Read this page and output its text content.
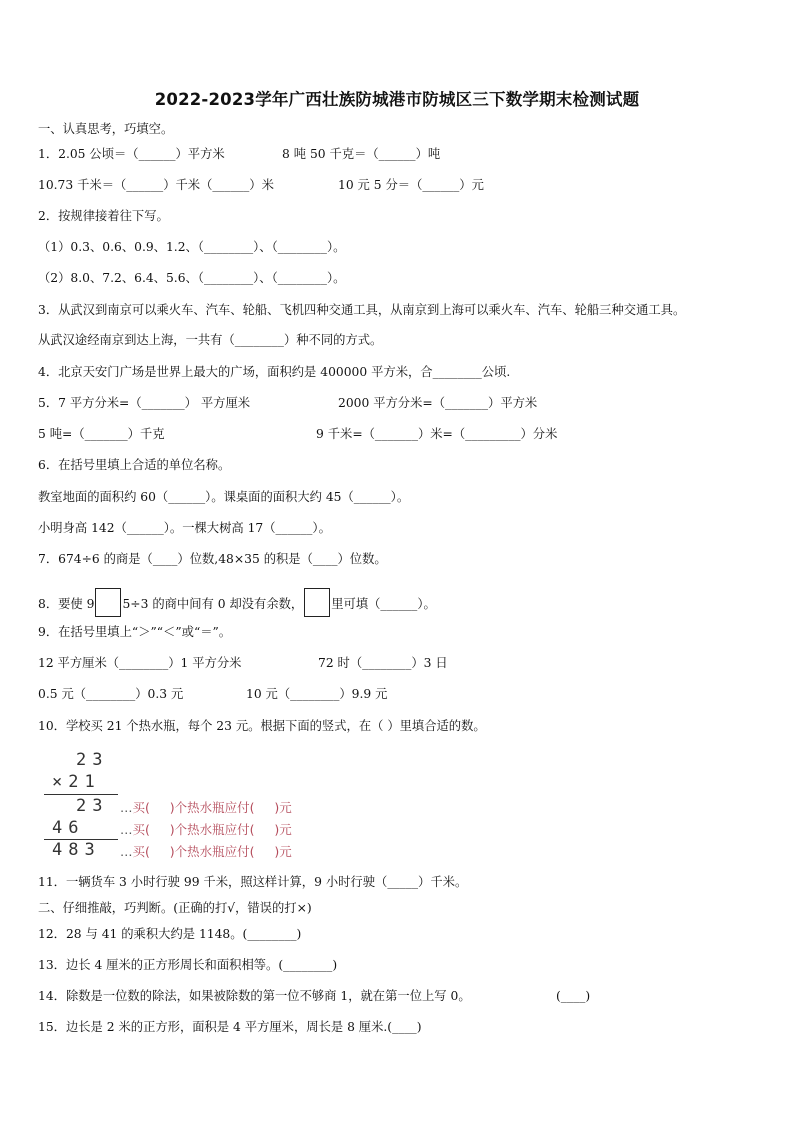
2022-2023学年广西壮族防城港市防城区三下数学期末检测试题
一、认真思考，巧填空。
1．2.05 公顷＝（______）平方米	8 吨 50 千克＝（______）吨
10.73 千米＝（______）千米（______）米	10 元 5 分＝（______）元
2．按规律接着往下写。
（1）0.3、0.6、0.9、1.2、（________）、（________）。
（2）8.0、7.2、6.4、5.6、（________）、（________）。
3．从武汉到南京可以乘火车、汽车、轮船、飞机四种交通工具，从南京到上海可以乘火车、汽车、轮船三种交通工具。
从武汉途经南京到达上海，一共有（________）种不同的方式。
4．北京天安门广场是世界上最大的广场，面积约是 400000 平方米，合________公顷.
5．7 平方分米=（_______） 平方厘米	2000 平方分米=（_______）平方米
5 吨=（_______）千克	9 千米=（_______）米=（_________）分米
6．在括号里填上合适的单位名称。
教室地面的面积约 60（______）。课桌面的面积大约 45（______）。
小明身高 142（______）。一棵大树高 17（______）。
7．674÷6 的商是（____）位数,48×35 的积是（____）位数。
8．要使 9 5÷3 的商中间有 0 却没有余数， 里可填（______）。
9．在括号里填上“＞”“＜”或“＝”。
12 平方厘米（________）1 平方分米	72 时（________）3 日
0.5 元（________）0.3 元	10 元（________）9.9 元
10．学校买 21 个热水瓶，每个 23 元。根据下面的竖式，在（ ）里填合适的数。
23
×21
23
46
483
…买(     )个热水瓶应付(     )元
…买(     )个热水瓶应付(     )元
…买(     )个热水瓶应付(     )元
11．一辆货车 3 小时行驶 99 千米，照这样计算，9 小时行驶（_____）千米。
二、仔细推敲，巧判断。(正确的打√，错误的打×)
12．28 与 41 的乘积大约是 1148。(________)
13．边长 4 厘米的正方形周长和面积相等。(________)
14．除数是一位数的除法，如果被除数的第一位不够商 1，就在第一位上写 0。	(____)
15．边长是 2 米的正方形，面积是 4 平方厘米，周长是 8 厘米.(____)
